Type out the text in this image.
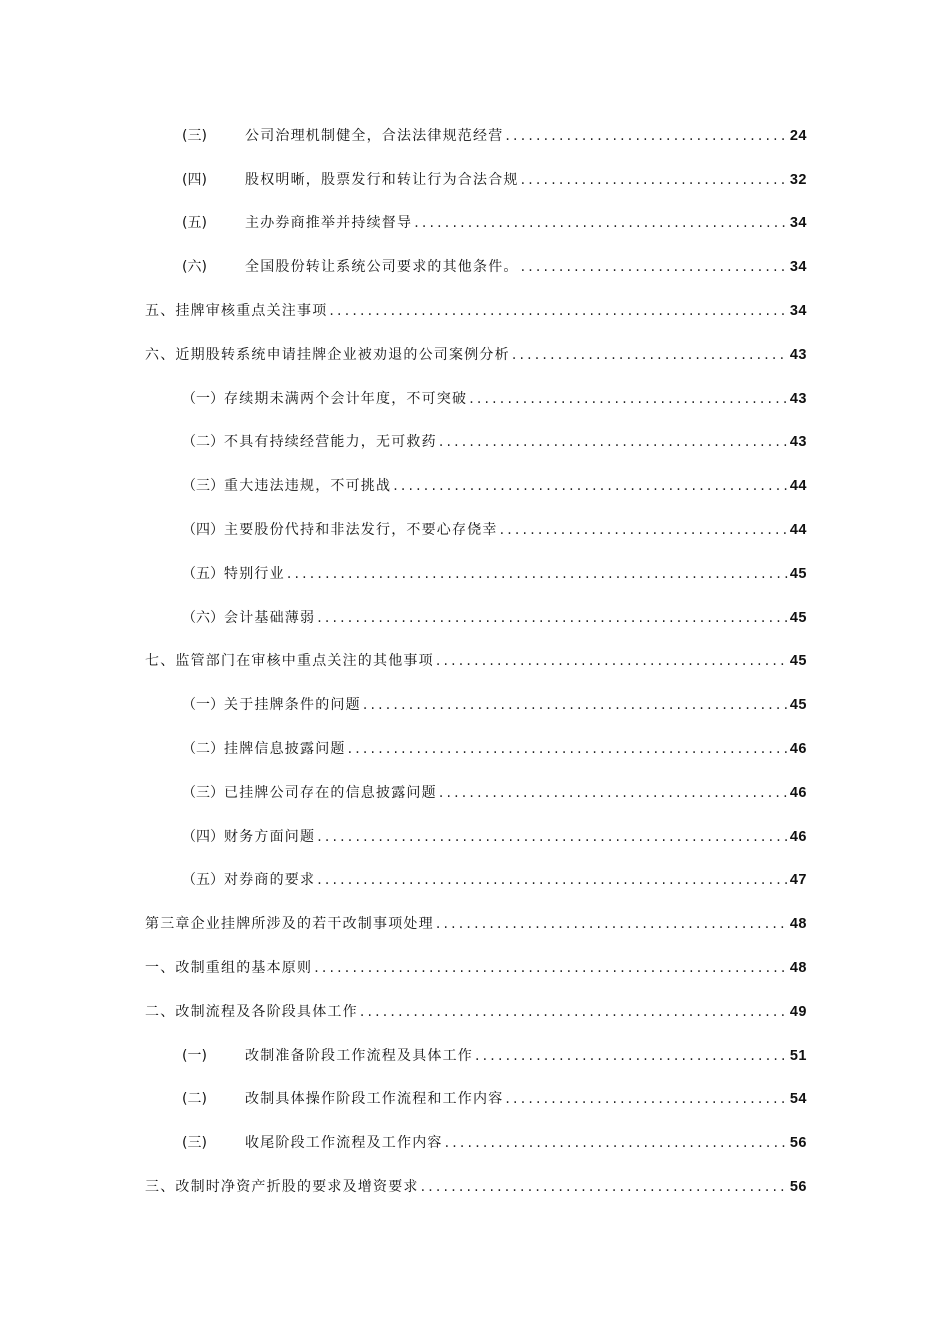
(三)	公司治理机制健全，合法法律规范经营 .....	24
(四)	股权明晰，股票发行和转让行为合法合规 .....	32
(五)	主办券商推举并持续督导 .....	34
(六)	全国股份转让系统公司要求的其他条件。 .....	34
五、挂牌审核重点关注事项 .....	34
六、近期股转系统申请挂牌企业被劝退的公司案例分析 .....	43
（一） 存续期未满两个会计年度，不可突破 .....	43
（二） 不具有持续经营能力，无可救药 .....	43
（三） 重大违法违规，不可挑战 .....	44
（四） 主要股份代持和非法发行，不要心存侥幸 .....	44
（五） 特别行业 .....	45
（六） 会计基础薄弱 .....	45
七、监管部门在审核中重点关注的其他事项 .....	45
（一） 关于挂牌条件的问题 .....	45
（二） 挂牌信息披露问题 .....	46
（三） 已挂牌公司存在的信息披露问题 .....	46
（四） 财务方面问题 .....	46
（五） 对券商的要求 .....	47
第三章企业挂牌所涉及的若干改制事项处理 .....	48
一、改制重组的基本原则 .....	48
二、改制流程及各阶段具体工作 .....	49
(一)	改制准备阶段工作流程及具体工作 .....	51
(二)	改制具体操作阶段工作流程和工作内容 .....	54
(三)	收尾阶段工作流程及工作内容 .....	56
三、改制时净资产折股的要求及增资要求 .....	56
